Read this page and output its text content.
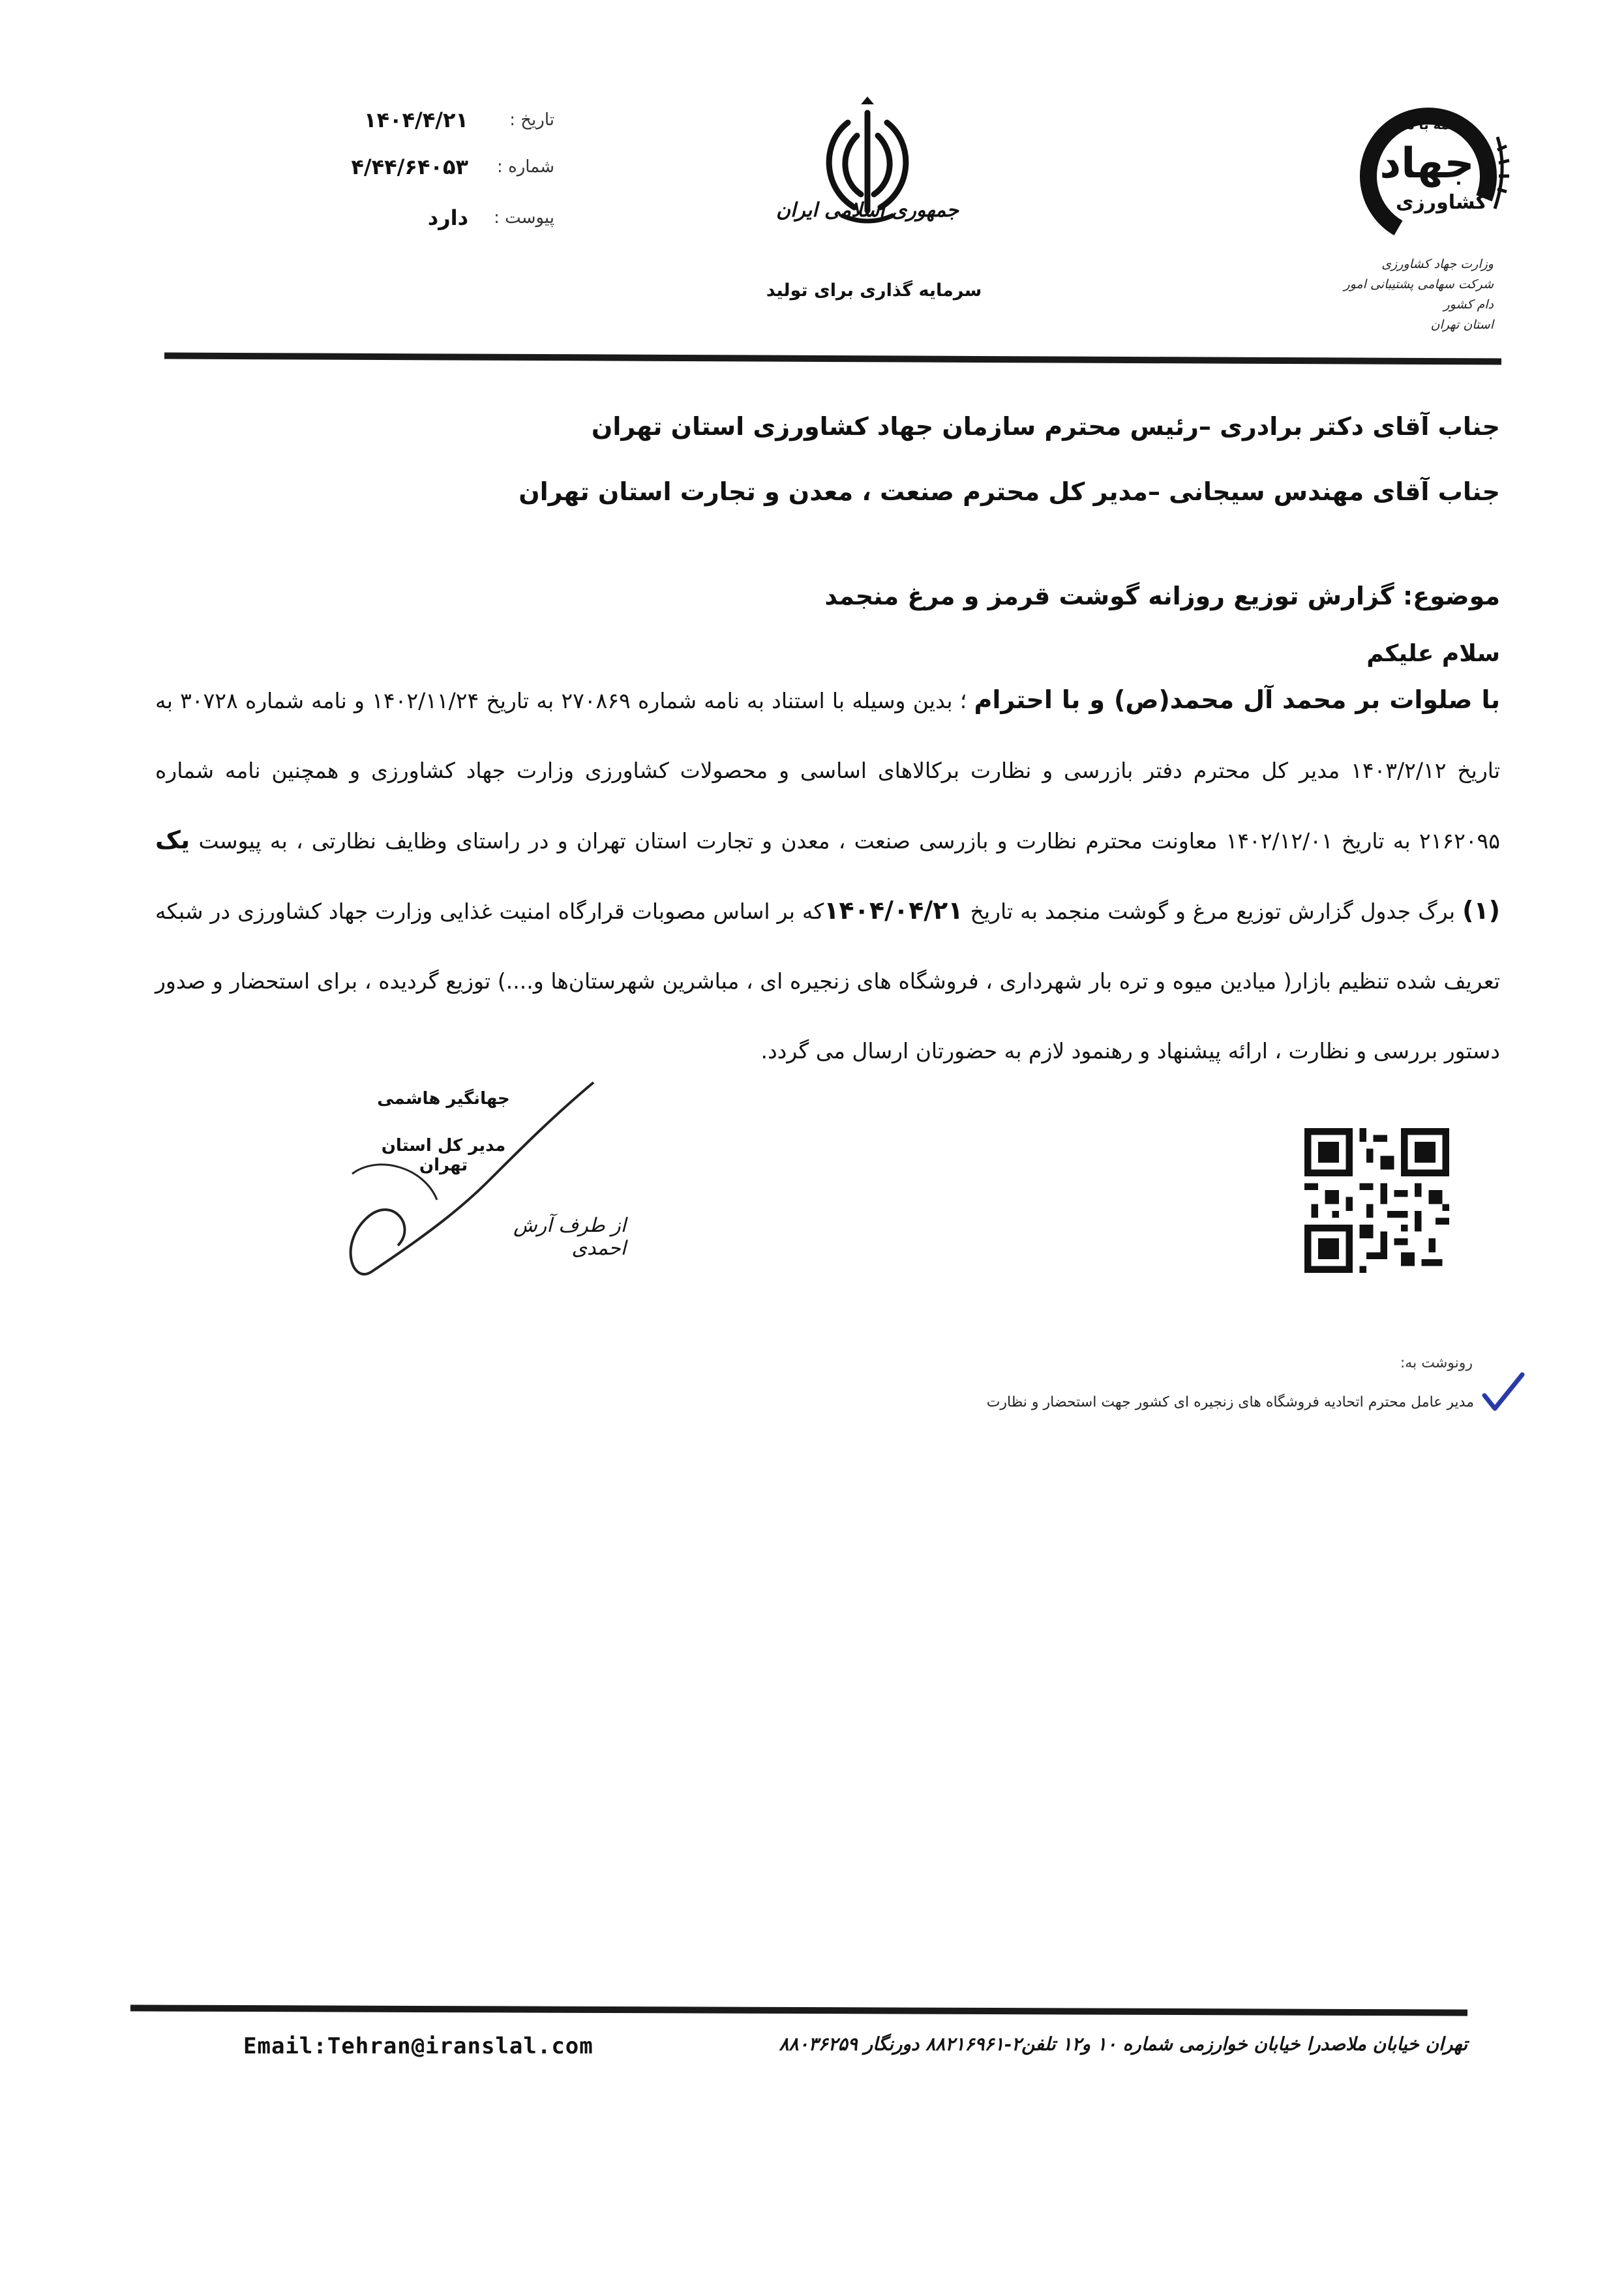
تاریخ :
۱۴۰۴/۴/۲۱
شماره :
۴/۴۴/۶۴۰۵۳
پیوست :
دارد	جمهوری اسلامی ایران
سرمایه گذاری برای تولید
همه با هم
جهاد
کشاورزی
وزارت جهاد کشاورزی
شرکت سهامی پشتیبانی امور دام کشور
استان تهران
جناب آقای دکتر برادری –رئیس محترم سازمان جهاد کشاورزی استان تهران
جناب آقای مهندس سیجانی –مدیر کل محترم صنعت ، معدن و تجارت استان تهران
موضوع: گزارش توزیع روزانه گوشت قرمز و مرغ منجمد
سلام علیکم
با صلوات بر محمد آل محمد(ص) و با احترام ؛ بدین وسیله با استناد به نامه شماره ۲۷۰۸۶۹ به تاریخ ۱۴۰۲/۱۱/۲۴ و نامه شماره ۳۰۷۲۸ به تاریخ ۱۴۰۳/۲/۱۲ مدیر کل محترم دفتر بازرسی و نظارت برکالاهای اساسی و محصولات کشاورزی وزارت جهاد کشاورزی و همچنین نامه شماره ۲۱۶۲۰۹۵ به تاریخ ۱۴۰۲/۱۲/۰۱ معاونت محترم نظارت و بازرسی صنعت ، معدن و تجارت استان تهران و در راستای وظایف نظارتی ، به پیوست یک (۱) برگ جدول گزارش توزیع مرغ و گوشت منجمد به تاریخ ۱۴۰۴/۰۴/۲۱که بر اساس مصوبات قرارگاه امنیت غذایی وزارت جهاد کشاورزی در شبکه تعریف شده تنظیم بازار( میادین میوه و تره بار شهرداری ، فروشگاه های زنجیره ای ، مباشرین شهرستان‌ها و....) توزیع گردیده ، برای استحضار و صدور دستور بررسی و نظارت ، ارائه پیشنهاد و رهنمود لازم به حضورتان ارسال می گردد.
جهانگیر هاشمی
مدیر کل استان تهران
از طرف آرش احمدی
رونوشت به:
مدیر عامل محترم اتحادیه فروشگاه های زنجیره ای کشور جهت استحضار و نظارت
Email:Tehran@iranslal.com	تهران خیابان ملاصدرا خیابان خوارزمی شماره ۱۰ و۱۲ تلفن۲-۸۸۲۱۶۹۶۱ دورنگار ۸۸۰۳۶۲۵۹
